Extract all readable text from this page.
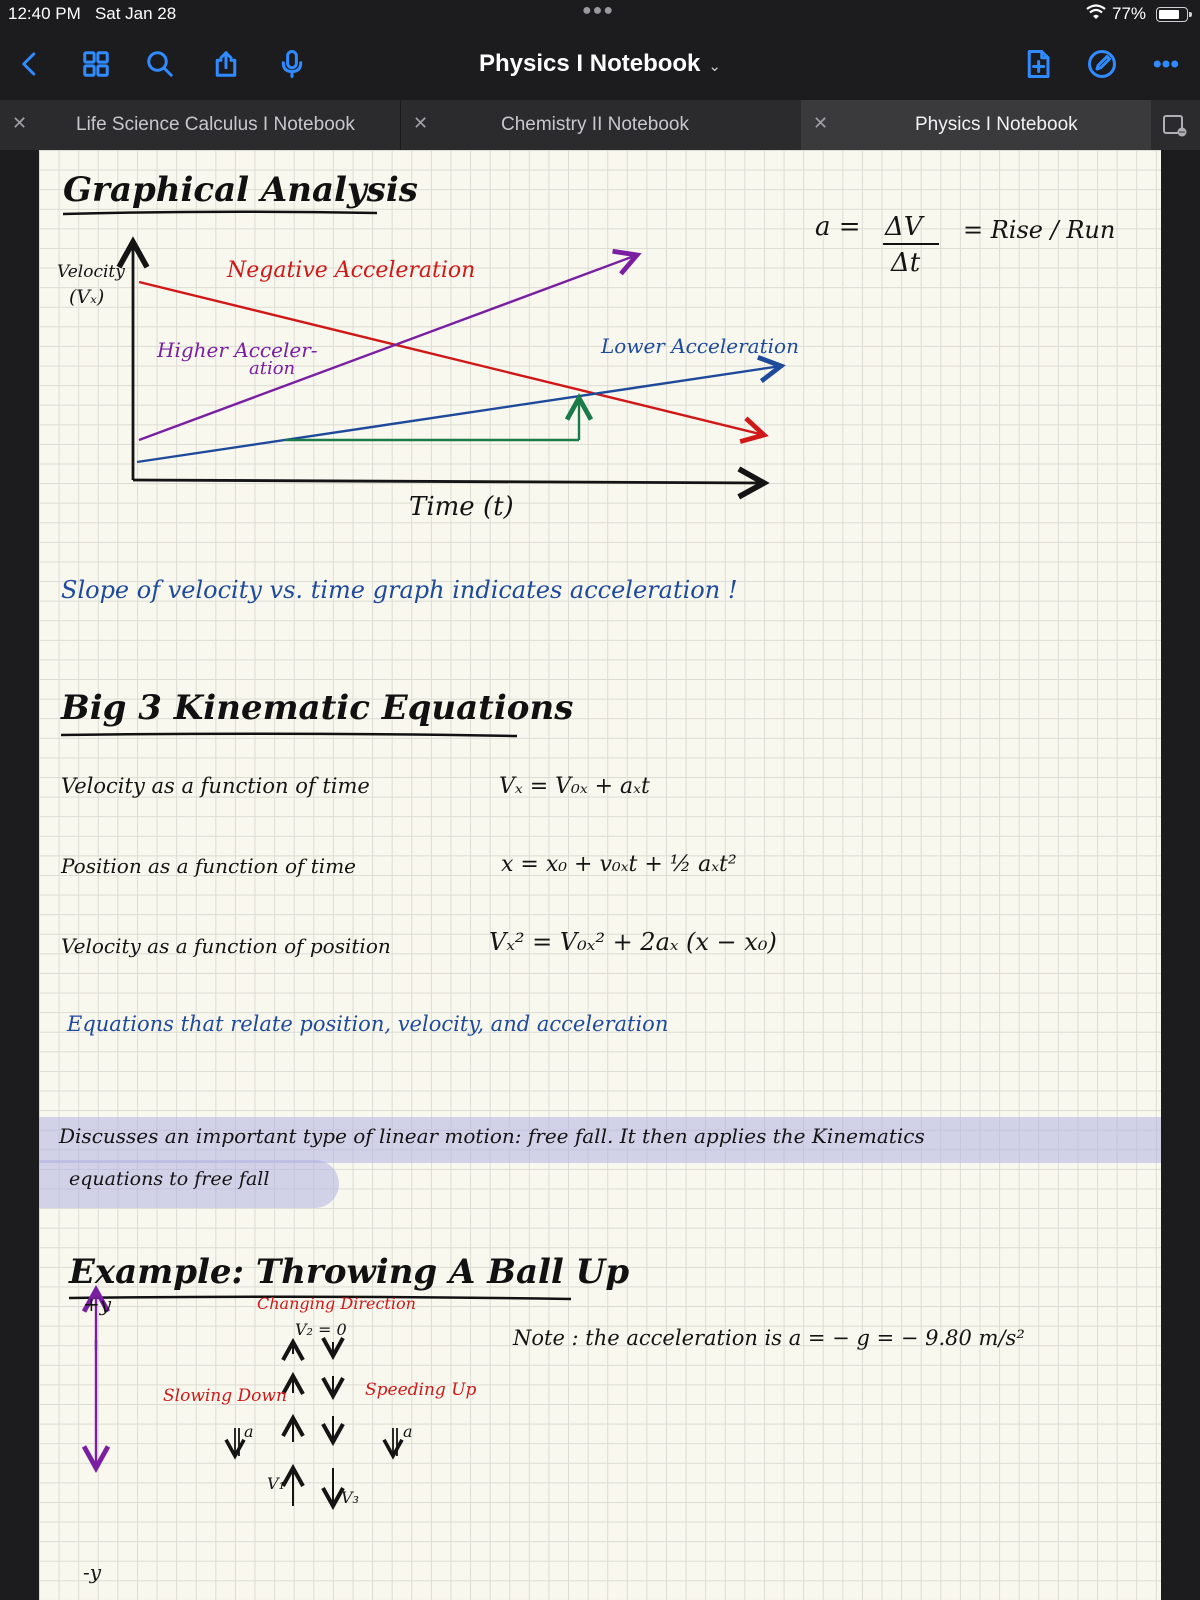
12:40 PM Sat Jan 28	●●●	77%
Physics I Notebook ⌄
✕	Life Science Calculus I Notebook	✕	Chemistry II Notebook	✕	Physics I Notebook
Graphical Analysis
a = ΔV
Δt
= Rise / Run
Velocity
(Vₓ)
Negative Acceleration
Higher Acceler-
ation
Lower Acceleration
Time (t)
Slope of velocity vs. time graph indicates acceleration !
Big 3 Kinematic Equations
Velocity as a function of time	Vₓ = V₀ₓ + aₓt
Position as a function of time	x = x₀ + v₀ₓt + ½ aₓt²
Velocity as a function of position	Vₓ² = V₀ₓ² + 2aₓ (x − x₀)
Equations that relate position, velocity, and acceleration
Discusses an important type of linear motion: free fall. It then applies the Kinematics
equations to free fall
Example: Throwing A Ball Up
+y
-y
Changing Direction
V₂ = 0
Slowing Down	Speeding Up
a	a
V₁
V₃
Note : the acceleration is a = − g = − 9.80 m/s²
